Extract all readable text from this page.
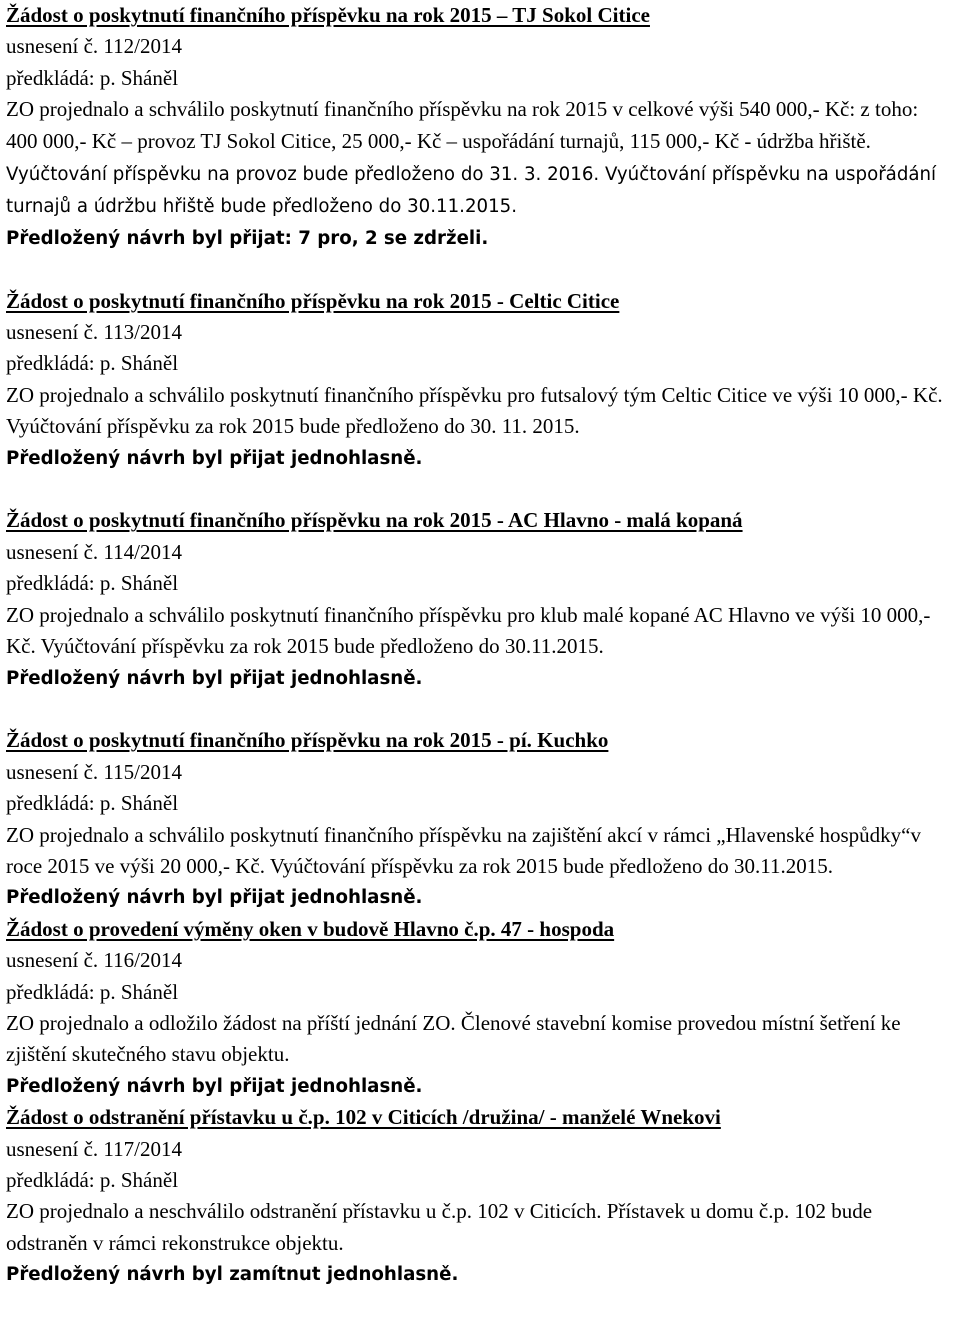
Žádost o poskytnutí finančního příspěvku na rok 2015 – TJ Sokol Citice
usnesení č. 112/2014
předkládá: p. Sháněl
ZO projednalo a schválilo poskytnutí finančního příspěvku na rok 2015 v celkové výši 540 000,- Kč: z toho: 400 000,- Kč – provoz TJ Sokol Citice, 25 000,- Kč – uspořádání turnajů, 115 000,- Kč - údržba hřiště. Vyúčtování příspěvku na provoz bude předloženo do 31. 3. 2016. Vyúčtování příspěvku na uspořádání turnajů a údržbu hřiště bude předloženo do 30.11.2015.
Předložený návrh byl přijat: 7 pro, 2 se zdrželi.
Žádost o poskytnutí finančního příspěvku na rok 2015 - Celtic Citice
usnesení č. 113/2014
předkládá: p. Sháněl
ZO projednalo a schválilo poskytnutí finančního příspěvku pro futsalový tým Celtic Citice ve výši 10 000,- Kč. Vyúčtování příspěvku za rok 2015 bude předloženo do 30. 11. 2015.
Předložený návrh byl přijat jednohlasně.
Žádost o poskytnutí finančního příspěvku na rok 2015 - AC Hlavno - malá kopaná
usnesení č. 114/2014
předkládá: p. Sháněl
ZO projednalo a schválilo poskytnutí finančního příspěvku pro klub malé kopané AC Hlavno ve výši 10 000,- Kč. Vyúčtování příspěvku za rok 2015 bude předloženo do 30.11.2015.
Předložený návrh byl přijat jednohlasně.
Žádost o poskytnutí finančního příspěvku na rok 2015 - pí. Kuchko
usnesení č. 115/2014
předkládá: p. Sháněl
ZO projednalo a schválilo poskytnutí finančního příspěvku na zajištění akcí v rámci „Hlavenské hospůdky“v roce 2015 ve výši 20 000,- Kč. Vyúčtování příspěvku za rok 2015 bude předloženo do 30.11.2015.
Předložený návrh byl přijat jednohlasně.
Žádost o provedení výměny oken v budově Hlavno č.p. 47 - hospoda
usnesení č. 116/2014
předkládá: p. Sháněl
ZO projednalo a odložilo žádost na příští jednání ZO. Členové stavební komise provedou místní šetření ke zjištění skutečného stavu objektu.
Předložený návrh byl přijat jednohlasně.
Žádost o odstranění přístavku u č.p. 102 v Citicích /družina/ - manželé Wnekovi
usnesení č. 117/2014
předkládá: p. Sháněl
ZO projednalo a neschválilo odstranění přístavku u č.p. 102 v Citicích. Přístavek u domu č.p. 102 bude odstraněn v rámci rekonstrukce objektu.
Předložený návrh byl zamítnut jednohlasně.
